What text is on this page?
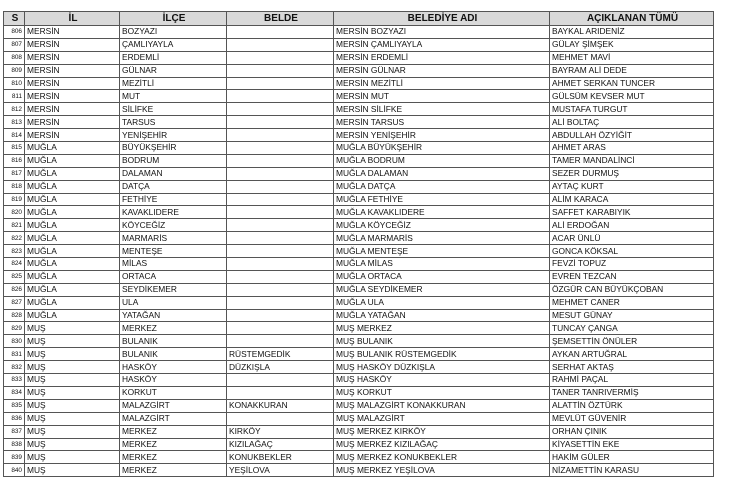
S	İL	İLÇE	BELDE	BELEDİYE ADI	AÇIKLANAN TÜMÜ
806	MERSİN	BOZYAZI		MERSİN BOZYAZI	BAYKAL ARIDENİZ
807	MERSİN	ÇAMLIYAYLA		MERSİN ÇAMLIYAYLA	GÜLAY ŞİMŞEK
808	MERSİN	ERDEMLİ		MERSİN ERDEMLİ	MEHMET MAVİ
809	MERSİN	GÜLNAR		MERSİN GÜLNAR	BAYRAM ALİ DEDE
810	MERSİN	MEZİTLİ		MERSİN MEZİTLİ	AHMET SERKAN TUNCER
811	MERSİN	MUT		MERSİN MUT	GÜLSÜM KEVSER MUT
812	MERSİN	SİLİFKE		MERSİN SİLİFKE	MUSTAFA TURGUT
813	MERSİN	TARSUS		MERSİN TARSUS	ALİ BOLTAÇ
814	MERSİN	YENİŞEHİR		MERSİN YENİŞEHİR	ABDULLAH ÖZYİĞİT
815	MUĞLA	BÜYÜKŞEHİR		MUĞLA BÜYÜKŞEHİR	AHMET ARAS
816	MUĞLA	BODRUM		MUĞLA BODRUM	TAMER MANDALİNCİ
817	MUĞLA	DALAMAN		MUĞLA DALAMAN	SEZER DURMUŞ
818	MUĞLA	DATÇA		MUĞLA DATÇA	AYTAÇ KURT
819	MUĞLA	FETHİYE		MUĞLA FETHİYE	ALİM KARACA
820	MUĞLA	KAVAKLIDERE		MUĞLA KAVAKLIDERE	SAFFET KARABIYIK
821	MUĞLA	KÖYCEĞİZ		MUĞLA KÖYCEĞİZ	ALİ ERDOĞAN
822	MUĞLA	MARMARİS		MUĞLA MARMARİS	ACAR ÜNLÜ
823	MUĞLA	MENTEŞE		MUĞLA MENTEŞE	GONCA KÖKSAL
824	MUĞLA	MİLAS		MUĞLA MİLAS	FEVZİ TOPUZ
825	MUĞLA	ORTACA		MUĞLA ORTACA	EVREN TEZCAN
826	MUĞLA	SEYDİKEMER		MUĞLA SEYDİKEMER	ÖZGÜR CAN BÜYÜKÇOBAN
827	MUĞLA	ULA		MUĞLA ULA	MEHMET CANER
828	MUĞLA	YATAĞAN		MUĞLA YATAĞAN	MESUT GÜNAY
829	MUŞ	MERKEZ		MUŞ MERKEZ	TUNCAY ÇANGA
830	MUŞ	BULANIK		MUŞ BULANIK	ŞEMSETTİN ÖNÜLER
831	MUŞ	BULANIK	RÜSTEMGEDİK	MUŞ BULANIK RÜSTEMGEDİK	AYKAN ARTUĞRAL
832	MUŞ	HASKÖY	DÜZKIŞLA	MUŞ HASKÖY DÜZKIŞLA	SERHAT AKTAŞ
833	MUŞ	HASKÖY		MUŞ HASKÖY	RAHMİ PAÇAL
834	MUŞ	KORKUT		MUŞ KORKUT	TANER TANRIVERMİŞ
835	MUŞ	MALAZGİRT	KONAKKURAN	MUŞ MALAZGİRT KONAKKURAN	ALATTİN ÖZTÜRK
836	MUŞ	MALAZGİRT		MUŞ MALAZGİRT	MEVLÜT GÜVENİR
837	MUŞ	MERKEZ	KIRKÖY	MUŞ MERKEZ KIRKÖY	ORHAN ÇINIK
838	MUŞ	MERKEZ	KIZILAĞAÇ	MUŞ MERKEZ KIZILAĞAÇ	KİYASETTİN EKE
839	MUŞ	MERKEZ	KONUKBEKLER	MUŞ MERKEZ KONUKBEKLER	HAKİM GÜLER
840	MUŞ	MERKEZ	YEŞİLOVA	MUŞ MERKEZ YEŞİLOVA	NİZAMETTİN KARASU
